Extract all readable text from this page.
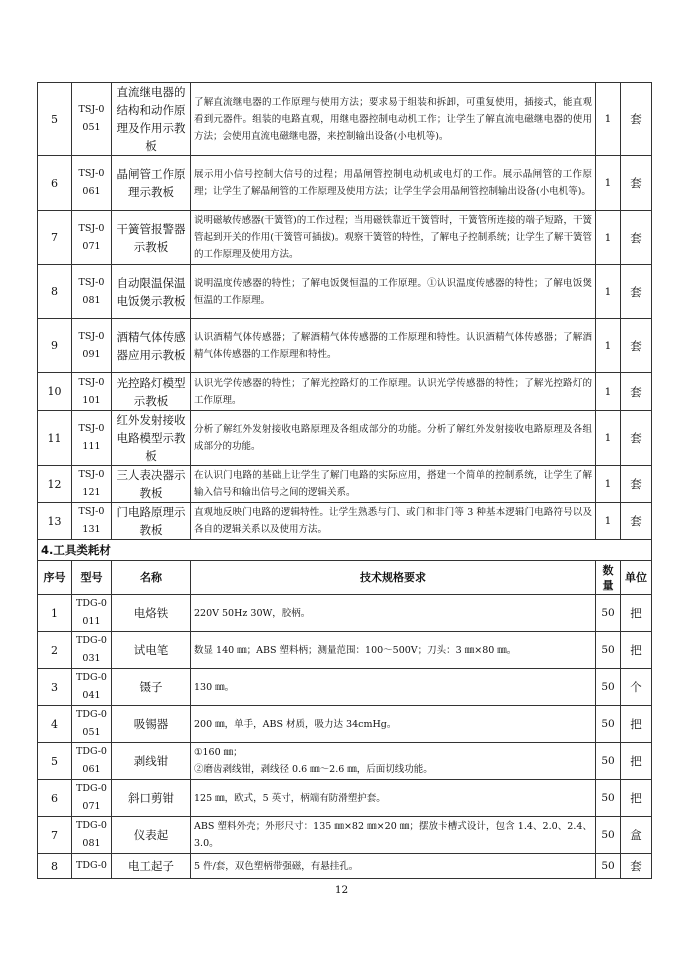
5	TSJ-0 051	直流继电器的结构和动作原理及作用示教板	了解直流继电器的工作原理与使用方法；要求易于组装和拆卸，可重复使用，插接式，能直观看到元器件。组装的电路直观，用继电器控制电动机工作；让学生了解直流电磁继电器的使用方法；会使用直流电磁继电器，来控制输出设备(小电机等)。	1	套
6	TSJ-0 061	晶闸管工作原理示教板	展示用小信号控制大信号的过程；用晶闸管控制电动机或电灯的工作。展示晶闸管的工作原理；让学生了解晶闸管的工作原理及使用方法；让学生学会用晶闸管控制输出设备(小电机等)。	1	套
7	TSJ-0 071	干簧管报警器示教板	说明磁敏传感器(干簧管)的工作过程；当用磁铁靠近干簧管时，干簧管所连接的端子短路，干簧管起到开关的作用(干簧管可插拔)。观察干簧管的特性，了解电子控制系统；让学生了解干簧管的工作原理及使用方法。	1	套
8	TSJ-0 081	自动限温保温电饭煲示教板	说明温度传感器的特性；了解电饭煲恒温的工作原理。①认识温度传感器的特性；了解电饭煲恒温的工作原理。	1	套
9	TSJ-0 091	酒精气体传感器应用示教板	认识酒精气体传感器；了解酒精气体传感器的工作原理和特性。认识酒精气体传感器；了解酒精气体传感器的工作原理和特性。	1	套
10	TSJ-0 101	光控路灯模型示教板	认识光学传感器的特性；了解光控路灯的工作原理。认识光学传感器的特性；了解光控路灯的工作原理。	1	套
11	TSJ-0 111	红外发射接收电路模型示教板	分析了解红外发射接收电路原理及各组成部分的功能。分析了解红外发射接收电路原理及各组成部分的功能。	1	套
12	TSJ-0 121	三人表决器示教板	在认识门电路的基础上让学生了解门电路的实际应用，搭建一个简单的控制系统，让学生了解输入信号和输出信号之间的逻辑关系。	1	套
13	TSJ-0 131	门电路原理示教板	直观地反映门电路的逻辑特性。让学生熟悉与门、或门和非门等 3 种基本逻辑门电路符号以及各自的逻辑关系以及使用方法。	1	套
4.工具类耗材					
序号	型号	名称	技术规格要求	数量	单位
1	TDG-0 011	电烙铁	220V 50Hz 30W，胶柄。	50	把
2	TDG-0 031	试电笔	数显 140 ㎜；ABS 塑料柄；测量范围：100～500V；刀头：3 ㎜×80 ㎜。	50	把
3	TDG-0 041	镊子	130 ㎜。	50	个
4	TDG-0 051	吸锡器	200 ㎜，单手，ABS 材质，吸力达 34cmHg。	50	把
5	TDG-0 061	剥线钳	①160 ㎜；
②磨齿剥线钳，剥线径 0.6 ㎜～2.6 ㎜，后面切线功能。	50	把
6	TDG-0 071	斜口剪钳	125 ㎜，欧式，5 英寸，柄端有防滑塑护套。	50	把
7	TDG-0 081	仪表起	ABS 塑料外壳；外形尺寸：135 ㎜×82 ㎜×20 ㎜；摆放卡槽式设计，包含 1.4、2.0、2.4、3.0。	50	盒
8	TDG-0	电工起子	5 件/套，双色塑柄带强磁，有悬挂孔。	50	套
12
